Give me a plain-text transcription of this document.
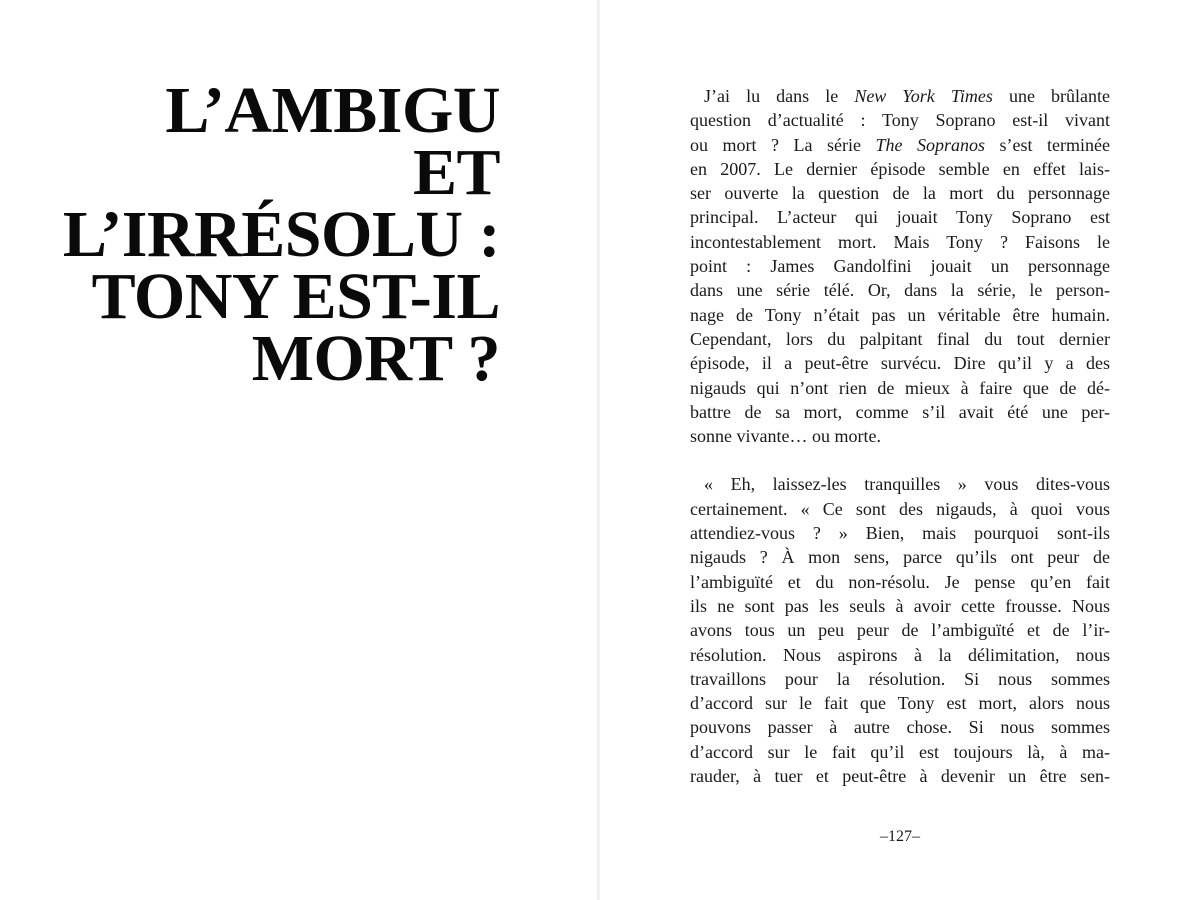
L’AMBIGU
ET
L’IRRÉSOLU :
TONY EST-IL
MORT ?

J’ai lu dans le New York Times une brûlante
question d’actualité : Tony Soprano est-il vivant
ou mort ? La série The Sopranos s’est terminée
en 2007. Le dernier épisode semble en effet lais-
ser ouverte la question de la mort du personnage
principal. L’acteur qui jouait Tony Soprano est
incontestablement mort. Mais Tony ? Faisons le
point : James Gandolfini jouait un personnage
dans une série télé. Or, dans la série, le person-
nage de Tony n’était pas un véritable être humain.
Cependant, lors du palpitant final du tout dernier
épisode, il a peut-être survécu. Dire qu’il y a des
nigauds qui n’ont rien de mieux à faire que de dé-
battre de sa mort, comme s’il avait été une per-
sonne vivante… ou morte.

« Eh, laissez-les tranquilles » vous dites-vous
certainement. « Ce sont des nigauds, à quoi vous
attendiez-vous ? » Bien, mais pourquoi sont-ils
nigauds ? À mon sens, parce qu’ils ont peur de
l’ambiguïté et du non-résolu. Je pense qu’en fait
ils ne sont pas les seuls à avoir cette frousse. Nous
avons tous un peu peur de l’ambiguïté et de l’ir-
résolution. Nous aspirons à la délimitation, nous
travaillons pour la résolution. Si nous sommes
d’accord sur le fait que Tony est mort, alors nous
pouvons passer à autre chose. Si nous sommes
d’accord sur le fait qu’il est toujours là, à ma-
rauder, à tuer et peut-être à devenir un être sen-

–127–
